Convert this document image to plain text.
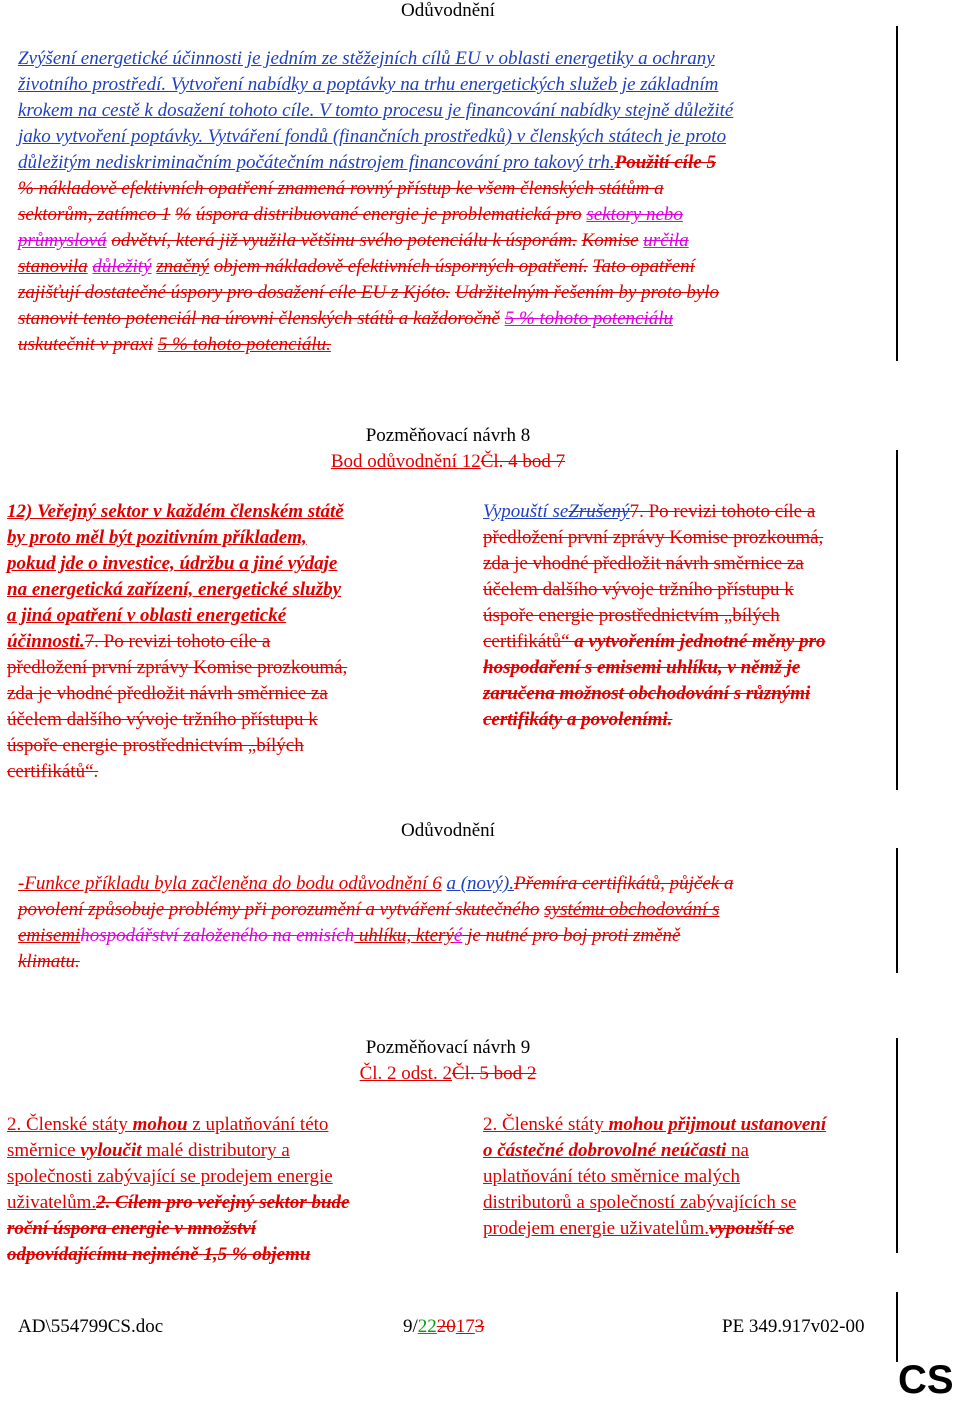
Odůvodnění

Zvýšení energetické účinnosti je jedním ze stěžejních cílů EU v oblasti energetiky a ochrany

životního prostředí. Vytvoření nabídky a poptávky na trhu energetických služeb je základním

krokem na cestě k dosažení tohoto cíle. V tomto procesu je financování nabídky stejně důležité

jako vytvoření poptávky. Vytváření fondů (finančních prostředků) v členských státech je proto

důležitým nediskriminačním počátečním nástrojem financování pro takový trh.Použití cíle 5

% nákladově efektivních opatření znamená rovný přístup ke všem členských státům a

sektorům, zatímco 1 % úspora distribuované energie je problematická pro sektory nebo

průmyslová odvětví, která již využila většinu svého potenciálu k úsporám. Komise určila

stanovila důležitý značný objem nákladově efektivních úsporných opatření. Tato opatření

zajišťují dostatečné úspory pro dosažení cíle EU z Kjóto. Udržitelným řešením by proto bylo

stanovit tento potenciál na úrovni členských států a každoročně 5 % tohoto potenciálu

uskutečnit v praxi 5 % tohoto potenciálu.

Pozměňovací návrh 8
Bod odůvodnění 12Čl. 4 bod 7

12) Veřejný sektor v každém členském státě

by proto měl být pozitivním příkladem,

pokud jde o investice, údržbu a jiné výdaje

na energetická zařízení, energetické služby

a jiná opatření v oblasti energetické

účinnosti.7. Po revizi tohoto cíle a

předložení první zprávy Komise prozkoumá,

zda je vhodné předložit návrh směrnice za

účelem dalšího vývoje tržního přístupu k

úspoře energie prostřednictvím „bílých

certifikátů“.

Vypouští seZrušený7. Po revizi tohoto cíle a

předložení první zprávy Komise prozkoumá,

zda je vhodné předložit návrh směrnice za

účelem dalšího vývoje tržního přístupu k

úspoře energie prostřednictvím „bílých

certifikátů“ a vytvořením jednotné měny pro

hospodaření s emisemi uhlíku, v němž je

zaručena možnost obchodování s různými

certifikáty a povoleními.

Odůvodnění

-Funkce příkladu byla začleněna do bodu odůvodnění 6 a (nový).Přemíra certifikátů, půjček a

povolení způsobuje problémy při porozumění a vytváření skutečného systému obchodování s

emisemihospodářství založeného na emisích uhlíku, kterýé je nutné pro boj proti změně

klimatu.

Pozměňovací návrh 9
Čl. 2 odst. 2Čl. 5 bod 2

2. Členské státy mohou z uplatňování této

směrnice vyloučit malé distributory a

společnosti zabývající se prodejem energie

uživatelům.2. Cílem pro veřejný sektor bude

roční úspora energie v množství

odpovídajícímu nejméně 1,5 % objemu

2. Členské státy mohou přijmout ustanovení

o částečné dobrovolné neúčasti na

uplatňování této směrnice malých

distributorů a společností zabývajících se

prodejem energie uživatelům.vypouští se

AD\554799CS.doc	9/2220173	PE 349.917v02-00
CS
